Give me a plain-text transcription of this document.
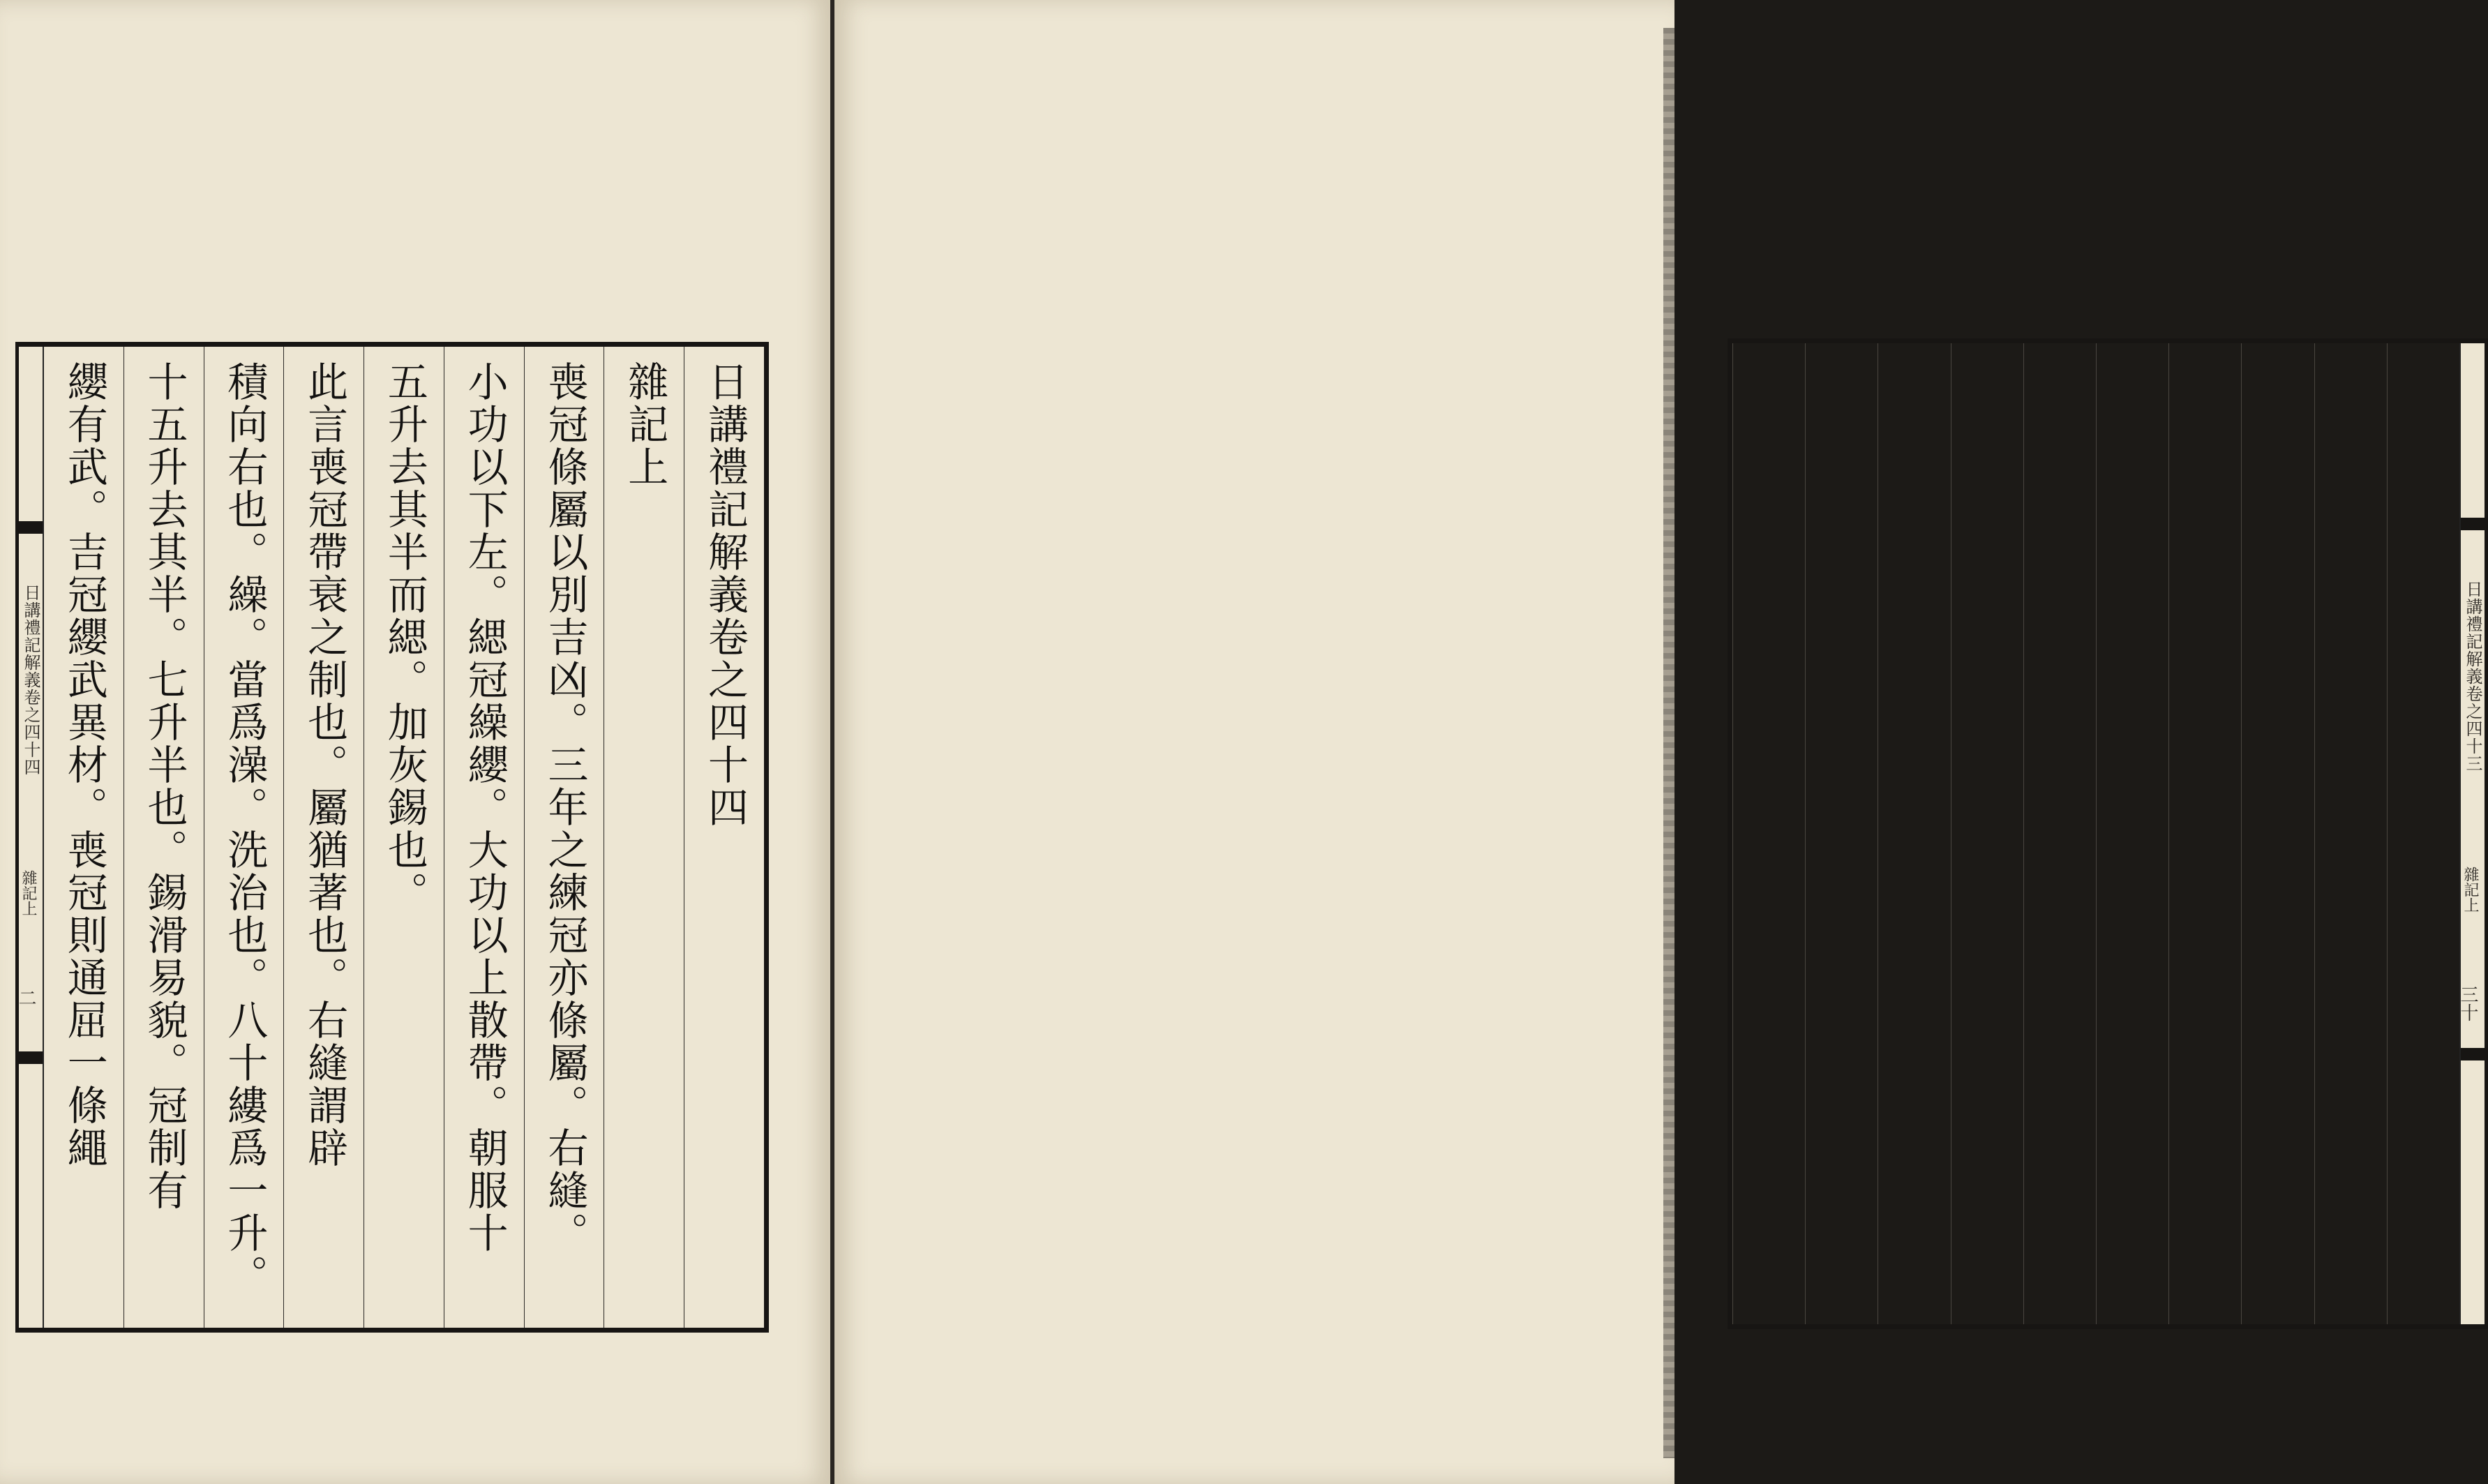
日講禮記解義卷之四十四
雜記上
二
日講禮記解義卷之四十四
雜記上
喪冠條屬以別吉凶。三年之練冠亦條屬。右縫。
小功以下左。緦冠繰纓。大功以上散帶。朝服十
五升去其半而緦。加灰錫也。
此言喪冠帶衰之制也。屬猶著也。右縫謂辟
積向右也。繰。當爲澡。洗治也。八十縷爲一升。
十五升去其半。七升半也。錫滑易貌。冠制有
纓有武。吉冠纓武異材。喪冠則通屈一條繩	日講禮記解義卷之四十三
雜記上
三十
